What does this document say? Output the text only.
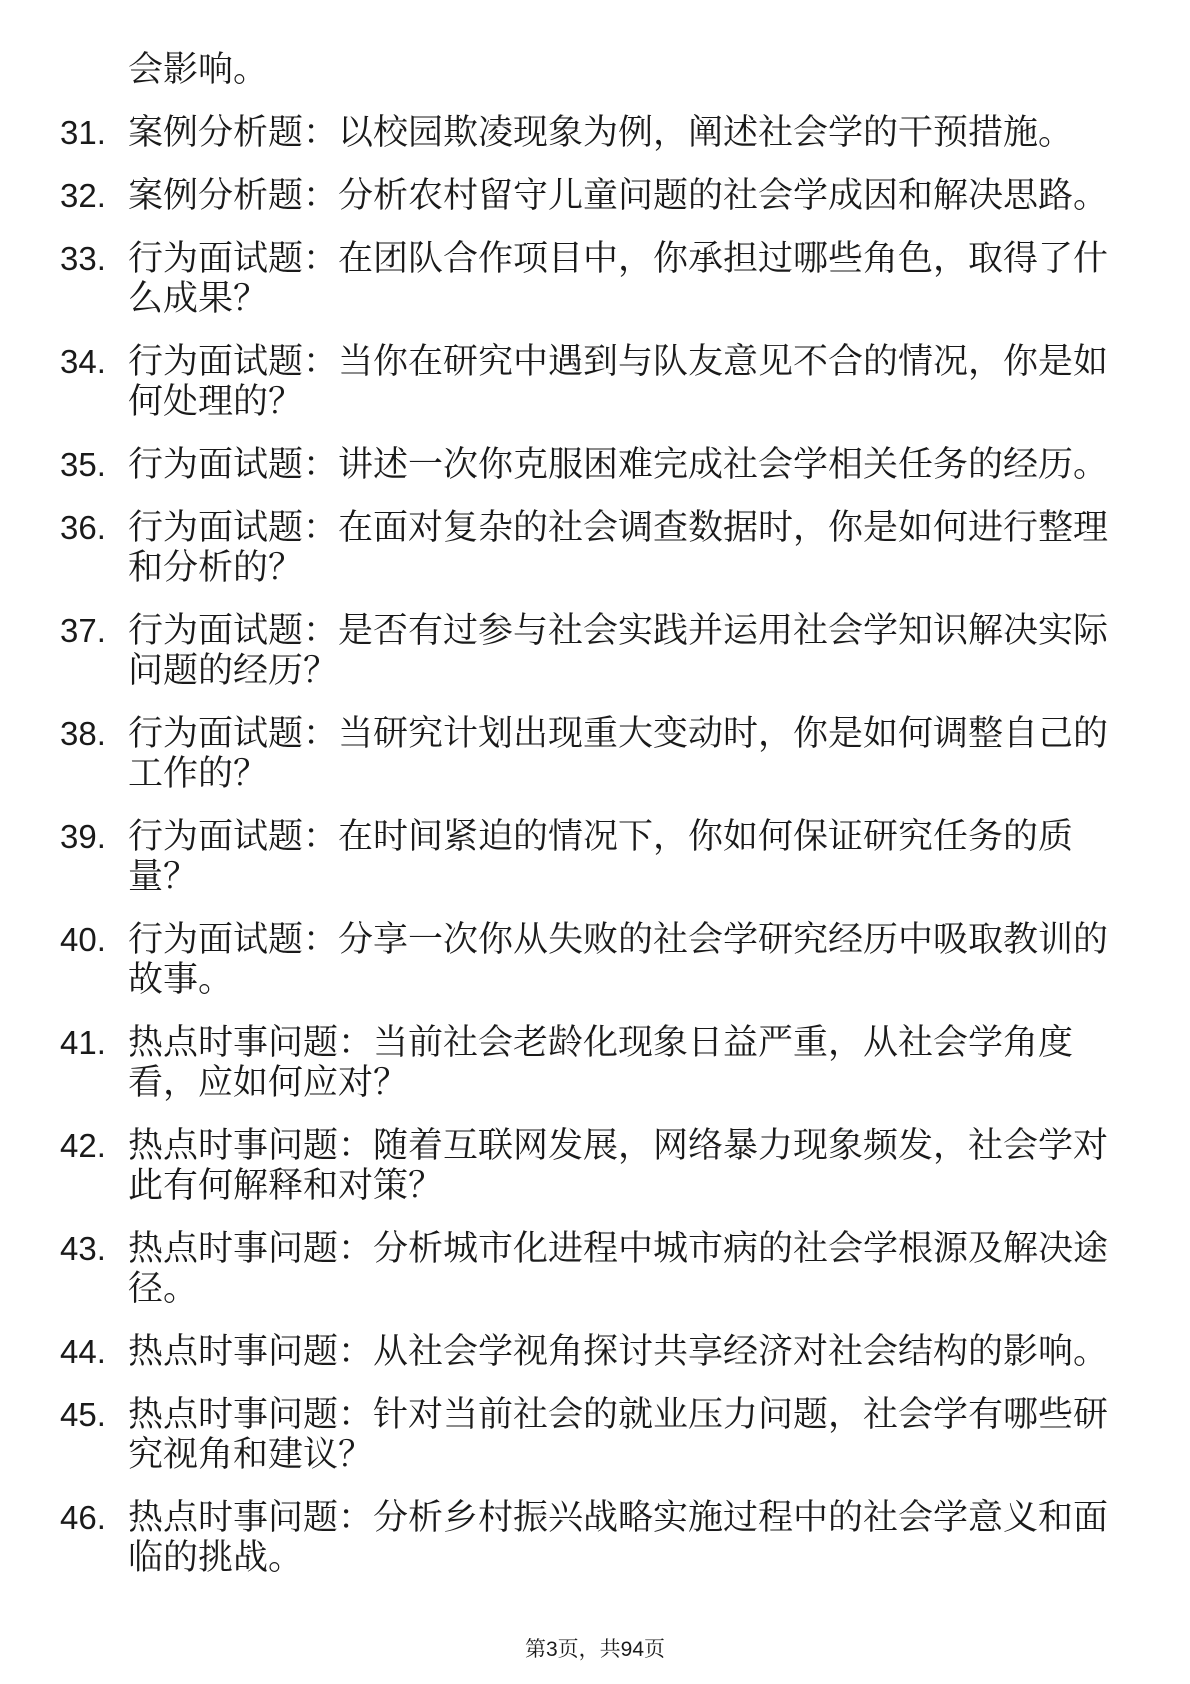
会影响。
31. 案例分析题：以校园欺凌现象为例，阐述社会学的干预措施。
32. 案例分析题：分析农村留守儿童问题的社会学成因和解决思路。
33. 行为面试题：在团队合作项目中，你承担过哪些角色，取得了什
么成果？
34. 行为面试题：当你在研究中遇到与队友意见不合的情况，你是如
何处理的？
35. 行为面试题：讲述一次你克服困难完成社会学相关任务的经历。
36. 行为面试题：在面对复杂的社会调查数据时，你是如何进行整理
和分析的？
37. 行为面试题：是否有过参与社会实践并运用社会学知识解决实际
问题的经历？
38. 行为面试题：当研究计划出现重大变动时，你是如何调整自己的
工作的？
39. 行为面试题：在时间紧迫的情况下，你如何保证研究任务的质
量？
40. 行为面试题：分享一次你从失败的社会学研究经历中吸取教训的
故事。
41. 热点时事问题：当前社会老龄化现象日益严重，从社会学角度
看，应如何应对？
42. 热点时事问题：随着互联网发展，网络暴力现象频发，社会学对
此有何解释和对策？
43. 热点时事问题：分析城市化进程中城市病的社会学根源及解决途
径。
44. 热点时事问题：从社会学视角探讨共享经济对社会结构的影响。
45. 热点时事问题：针对当前社会的就业压力问题，社会学有哪些研
究视角和建议？
46. 热点时事问题：分析乡村振兴战略实施过程中的社会学意义和面
临的挑战。
第3页，共94页
